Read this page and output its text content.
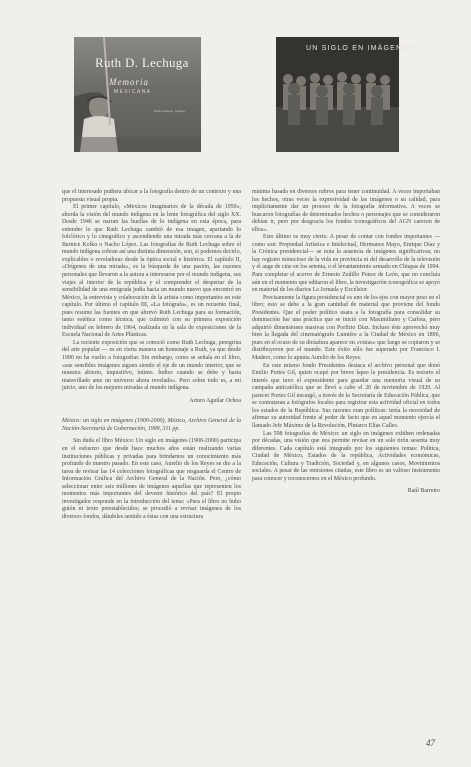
Ruth D. Lechuga
Memoria
MEXICANA
Ruth Lechuga · Imagen
UN SIGLO EN IMÁGENES

que el interesado pudiera ubicar a la fotografía dentro de un contexto y una propuesta visual propia.

El primer capítulo, «Mexicos imaginarios de la década de 1950», aborda la visión del mundo indígena en la lente fotográfica del siglo XX. Desde 1946 se narran las huellas de lo indígena en esta época, para entender lo que Ruth Lechuga cambió de esa imagen, apartando lo folclórico y lo cinegráfico y ascendiendo una mirada más cercana a la de Bernice Kolko o Nacho López. Las fotografías de Ruth Lechuga sobre el mundo indígena cobran así una distinta dimensión, son, si podemos decirlo, explicables o reveladoras desde la óptica social e histórica. El capítulo II, «Orígenes de una mirada», es la búsqueda de una pasión, las razones personales que llevaron a la autora a interesarse por el mundo indígena, sus viajes al interior de la república y el comprender el despertar de la sensibilidad de una emigrada judía hacia un mundo nuevo que encontró en México, la entrevista y colaboración de la artista como importantes en este capítulo. Por último el capítulo III, «La fotógrafa», es un recuento final, pues resume las fuentes en que abrevó Ruth Lechuga para su formación, tanto estética como técnica, que culminó con su primera exposición individual en febrero de 1964, realizada en la sala de exposiciones de la Escuela Nacional de Artes Plásticas.

La reciente exposición que se conoció como Ruth Lechuga, peregrina del arte popular — es en cierta manera un homenaje a Ruth, ya que desde 1990 no ha vuelto a fotografiar. Sin embargo, como se señala en el libro, «sus sensibles imágenes siguen siendo el eje de un mundo interior, que se muestra abierto, inquisitivo, íntimo. Índice cuando se debe y hasta maravillado ante un universo ahora revelado». Pero sobre todo es, a mi juicio, uno de los mejores miradas al mundo indígena.

Arturo Aguilar Ochoa

México: un siglo en imágenes (1900-2000), México, Archivo General de la Nación-Secretaría de Gobernación, 1999, 311 pp.

Sin duda el libro México: Un siglo en imágenes (1900-2000) participa en el esfuerzo que desde hace muchos años están realizando varias instituciones públicas y privadas para brindarnos un conocimiento más profundo de nuestro pasado. En este caso, Aurelio de los Reyes se dio a la tarea de revisar las 14 colecciones fotográficas que resguarda el Centro de Información Gráfica del Archivo General de la Nación. Pero, ¿cómo seleccionar entre seis millones de imágenes aquellas que representen los momentos más importantes del devenir histórico del país? El propio investigador responde en la introducción del tema: «Para el libro no hubo guión ni texto preestablecidos; se procedió a revisar imágenes de los diversos fondos, dándoles sentido a éstas con una estructura

mínima basada en diversos rubros para tener continuidad. A veces importaban los hechos, otras veces la expresividad de las imágenes o su calidad, para implícitamente dar un proceso de la fotografía informativa. A veces se buscaron fotografías de determinados hechos o personajes que se consideraron debían ir, pero por desgracia los fondos iconográficos del AGN carecen de ellos».

Esto último es muy cierto. A pesar de contar con fondos importantes —como son: Propiedad Artística e Intelectual, Hermanos Mayo, Enrique Díaz y la Crónica presidencial— se nota la ausencia de imágenes significativas; no hay registro minucioso de la vida en provincia ni del desarrollo de la televisión y el auge de cine en los setenta, o el levantamiento armado en Chiapas de 1994. Para completar el acervo de Ernesto Zedillo Ponce de León, que no concluía aún en el momento que editaron el libro, la investigación iconográfica se apoyó en material de los diarios La Jornada y Excélsior.

Precisamente la figura presidencial es uno de los ejes con mayor peso en el libro; esto se debe a la gran cantidad de material que proviene del fondo Presidentes. Que el poder político usara a la fotografía para consolidar su dominación fue una práctica que se inició con Maximiliano y Carlota, pero adquirió dimensiones masivas con Porfirio Díaz. Incluso éste aprovechó muy bien la llegada del cinematógrafo Lumière a la Ciudad de México en 1896, pues en el ocaso de su dictadura aparece en «vistas» que luego se copiaron y se distribuyeron por el mundo. Este éxito sólo fue superado por Francisco I. Madero, como lo apunta Aurelio de los Reyes.

En este mismo fondo Presidentes destaca el archivo personal que donó Emilio Portes Gil, quien ocupó por breve lapso la presidencia. Es notorio el interés que tuvo el expresidente para guardar una memoria visual de su campaña anticatólica que se llevó a cabo el 20 de noviembre de 1929. Al parecer Portes Gil encargó, a través de la Secretaría de Educación Pública, que se contrataran a fotógrafos locales para registrar esta actividad oficial en todos los estados de la República. Sus razones eran políticas: tenía la necesidad de afirmar su autoridad frente al poder de facto que en aquel momento ejercía el llamado Jefe Máximo de la Revolución, Plutarco Elías Calles.

Las 598 fotografías de México: un siglo en imágenes exhiben ordenadas por décadas, una visión que nos permite revisar en un solo tirón sesenta muy diferentes. Cada capítulo está integrado por los siguientes temas: Política, Ciudad de México, Estados de la república, Actividades económicas, Educación, Cultura y Tradición, Sociedad y, en algunos casos, Movimientos sociales. A pesar de las omisiones citadas, este libro es un valioso instrumento para conocer y reconocernos en el México profundo.

Raúl Barreiro

47
